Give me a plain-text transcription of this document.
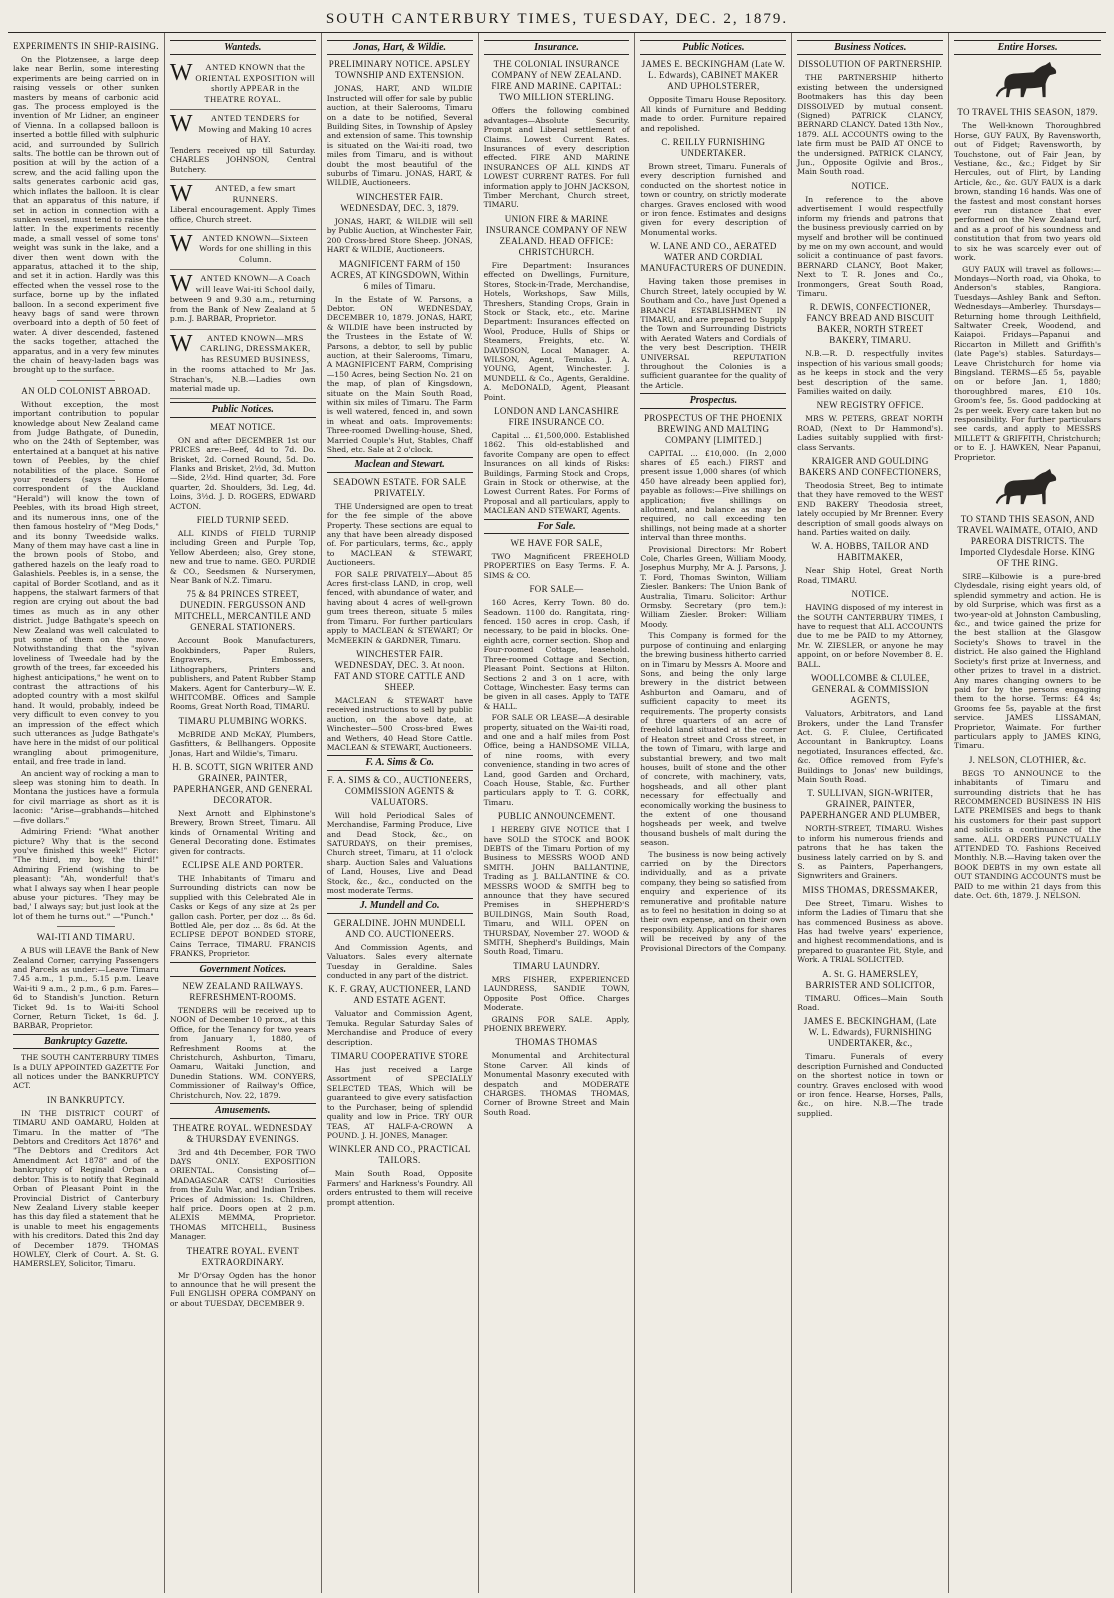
SOUTH CANTERBURY TIMES, TUESDAY, DEC. 2, 1879.
EXPERIMENTS IN SHIP-RAISING.
On the Plotzensee, a large deep lake near Berlin, some interesting experiments are being carried on in raising vessels or other sunken masters by means of carbonic acid gas. The process employed is the invention of Mr Lidner, an engineer of Vienna. In a collapsed balloon is inserted a bottle filled with sulphuric acid, and surrounded by Sullrich salts. The bottle can be thrown out of position at will by the action of a screw, and the acid falling upon the salts generates carbonic acid gas, which inflates the balloon. It is clear that an apparatus of this nature, if set in action in connection with a sunken vessel, must tend to raise the latter. In the experiments recently made, a small vessel of some tons' weight was sunk in the lake, and a diver then went down with the apparatus, attached it to the ship, and set it in action. Hardly was this effected when the vessel rose to the surface, borne up by the inflated balloon. In a second experiment five heavy bags of sand were thrown overboard into a depth of 50 feet of water. A diver descended, fastened the sacks together, attached the apparatus, and in a very few minutes the chain of heavy-laden bags was brought up to the surface.
AN OLD COLONIST ABROAD.
Without exception, the most important contribution to popular knowledge about New Zealand came from Judge Bathgate, of Dunedin, who on the 24th of September, was entertained at a banquet at his native town of Peebles, by the chief notabilities of the place. Some of your readers (says the Home correspondent of the Auckland "Herald") will know the town of Peebles, with its broad High street, and its numerous inns, one of the then famous hostelry of "Meg Dods," and its bonny Tweedside walks. Many of them may have cast a line in the brown pools of Stobo, and gathered hazels on the leafy road to Galashiels. Peebles is, in a sense, the capital of Border Scotland, and as it happens, the stalwart farmers of that region are crying out about the bad times as much as in any other district. Judge Bathgate's speech on New Zealand was well calculated to put some of them on the move. Notwithstanding that the "sylvan loveliness of Tweedale had by the growth of the trees, far exceeded his highest anticipations," he went on to contrast the attractions of his adopted country with a most skilful hand. It would, probably, indeed be very difficult to even convey to you an impression of the effect which such utterances as Judge Bathgate's have here in the midst of our political wrangling about primogeniture, entail, and free trade in land.
An ancient way of rocking a man to sleep was stoning him to death. In Montana the justices have a formula for civil marriage as short as it is laconic: "Arise—grabhands—hitched—five dollars."
Admiring Friend: "What another picture? Why that is the second you've finished this week!" Fictor: "The third, my boy, the third!" Admiring Friend (wishing to be pleasant): "Ah, wonderful! that's what I always say when I hear people abuse your pictures. 'They may be bad,' I always say; but just look at the lot of them he turns out." —"Punch."
WAI-ITI AND TIMARU.
A BUS will LEAVE the Bank of New Zealand Corner, carrying Passengers and Parcels as under:—Leave Timaru 7.45 a.m., 1 p.m., 5.15 p.m. Leave Wai-iti 9 a.m., 2 p.m., 6 p.m. Fares—6d to Standish's Junction. Return Ticket 9d. 1s to Wai-iti School Corner, Return Ticket, 1s 6d. J. BARBAR, Proprietor.
Bankruptcy Gazette.
THE SOUTH CANTERBURY TIMES Is a DULY APPOINTED GAZETTE For all notices under the BANKRUPTCY ACT.
IN BANKRUPTCY.
IN THE DISTRICT COURT of TIMARU AND OAMARU, Holden at Timaru. In the matter of "The Debtors and Creditors Act 1876" and "The Debtors and Creditors Act Amendment Act 1878" and of the bankruptcy of Reginald Orban a debtor. This is to notify that Reginald Orban of Pleasant Point in the Provincial District of Canterbury New Zealand Livery stable keeper has this day filed a statement that he is unable to meet his engagements with his creditors. Dated this 2nd day of December 1879. THOMAS HOWLEY, Clerk of Court. A. St. G. HAMERSLEY, Solicitor, Timaru.
Wanteds.
W ANTED KNOWN that the ORIENTAL EXPOSITION will shortly APPEAR in the THEATRE ROYAL.
W ANTED TENDERS for Mowing and Making 10 acres of HAY.
Tenders received up till Saturday. CHARLES JOHNSON, Central Butchery.
W	ANTED, a few smart RUNNERS.
Liberal encouragement. Apply Times office, Church street.
W ANTED KNOWN—Sixteen Words for one shilling in this Column.
WANTED KNOWN—A Coach will leave Wai-iti School daily,
between 9 and 9.30 a.m., returning from the Bank of New Zealand at 5 p.m. J. BARBAR, Proprietor.
W ANTED KNOWN—MRS CARLING, DRESSMAKER, has RESUMED BUSINESS,
in the rooms attached to Mr Jas. Strachan's, N.B.—Ladies own material made up.
Public Notices.
MEAT NOTICE.
ON and after DECEMBER 1st our PRICES are:—Beef, 4d to 7d. Do. Brisket, 2d. Corned Round, 5d. Do. Flanks and Brisket, 2½d, 3d. Mutton—Side, 2½d. Hind quarter, 3d. Fore quarter, 2d. Shoulders, 3d. Leg, 4d. Loins, 3½d. J. D. ROGERS, EDWARD ACTON.
FIELD TURNIP SEED.
ALL KINDS of FIELD TURNIP including Green and Purple Top, Yellow Aberdeen; also, Grey stone, new and true to name. GEO. PURDIE & CO., Seedsmen & Nurserymen, Near Bank of N.Z. Timaru.
75 & 84 PRINCES STREET, DUNEDIN. FERGUSSON AND MITCHELL, MERCANTILE AND GENERAL STATIONERS.
Account Book Manufacturers, Bookbinders, Paper Rulers, Engravers, Embossers, Lithographers, Printers and publishers, and Patent Rubber Stamp Makers. Agent for Canterbury—W. E. WHITCOMBE. Offices and Sample Rooms, Great North Road, TIMARU.
TIMARU PLUMBING WORKS.
McBRIDE AND McKAY, Plumbers, Gasfitters, & Bellhangers. Opposite Jonas, Hart and Wildie's, Timaru.
H. B. SCOTT, SIGN WRITER AND GRAINER, PAINTER, PAPERHANGER, AND GENERAL DECORATOR.
Next Arnott and Elphinstone's Brewery, Brown Street, Timaru. All kinds of Ornamental Writing and General Decorating done. Estimates given for contracts.
ECLIPSE ALE AND PORTER.
THE Inhabitants of Timaru and Surrounding districts can now be supplied with this Celebrated Ale in Casks or Kegs of any size at 2s per gallon cash. Porter, per doz ... 8s 6d. Bottled Ale, per doz ... 8s 6d. At the ECLIPSE DEPOT BONDED STORE, Cains Terrace, TIMARU. FRANCIS FRANKS, Proprietor.
Government Notices.
NEW ZEALAND RAILWAYS. REFRESHMENT-ROOMS.
TENDERS will be received up to NOON of December 10 prox., at this Office, for the Tenancy for two years from January 1, 1880, of Refreshment Rooms at the Christchurch, Ashburton, Timaru, Oamaru, Waitaki Junction, and Dunedin Stations. WM. CONYERS, Commissioner of Railway's Office, Christchurch, Nov. 22, 1879.
Amusements.
THEATRE ROYAL. WEDNESDAY & THURSDAY EVENINGS.
3rd and 4th December, FOR TWO DAYS ONLY. EXPOSITION ORIENTAL. Consisting of—MADAGASCAR CATS! Curiosities from the Zulu War, and Indian Tribes. Prices of Admission: 1s. Children, half price. Doors open at 2 p.m. ALEXIS MEMMA, Proprietor. THOMAS MITCHELL, Business Manager.
THEATRE ROYAL. EVENT EXTRAORDINARY.
Mr D'Orsay Ogden has the honor to announce that he will present the Full ENGLISH OPERA COMPANY on or about TUESDAY, DECEMBER 9.
Jonas, Hart, & Wildie.
PRELIMINARY NOTICE. APSLEY TOWNSHIP AND EXTENSION.
JONAS, HART, AND WILDIE Instructed will offer for sale by public auction, at their Salerooms, Timaru on a date to be notified, Several Building Sites, in Township of Apsley and extension of same. This township is situated on the Wai-iti road, two miles from Timaru, and is without doubt the most beautiful of the suburbs of Timaru. JONAS, HART, & WILDIE, Auctioneers.
WINCHESTER FAIR. WEDNESDAY, DEC. 3, 1879.
JONAS, HART, & WILDIE will sell by Public Auction, at Winchester Fair, 200 Cross-bred Store Sheep. JONAS, HART & WILDIE, Auctioneers.
MAGNIFICENT FARM of 150 ACRES, AT KINGSDOWN, Within 6 miles of Timaru.
In the Estate of W. Parsons, a Debtor. ON WEDNESDAY, DECEMBER 10, 1879. JONAS, HART, & WILDIE have been instructed by the Trustees in the Estate of W. Parsons, a debtor, to sell by public auction, at their Salerooms, Timaru, A MAGNIFICENT FARM, Comprising—150 Acres, being Section No. 21 on the map, of plan of Kingsdown, situate on the Main South Road, within six miles of Timaru. The Farm is well watered, fenced in, and sown in wheat and oats. Improvements: Three-roomed Dwelling-house, Shed, Married Couple's Hut, Stables, Chaff Shed, etc. Sale at 2 o'clock.
Maclean and Stewart.
SEADOWN ESTATE. FOR SALE PRIVATELY.
THE Undersigned are open to treat for the fee simple of the above Property. These sections are equal to any that have been already disposed of. For particulars, terms, &c., apply to MACLEAN & STEWART, Auctioneers.
FOR SALE PRIVATELY—About 85 Acres first-class LAND, in crop, well fenced, with abundance of water, and having about 4 acres of well-grown gum trees thereon, situate 5 miles from Timaru. For further particulars apply to MACLEAN & STEWART; Or McMEEKIN & GARDNER, Timaru.
WINCHESTER FAIR. WEDNESDAY, DEC. 3. At noon. FAT AND STORE CATTLE AND SHEEP.
MACLEAN & STEWART have received instructions to sell by public auction, on the above date, at Winchester—500 Cross-bred Ewes and Wethers, 40 Head Store Cattle. MACLEAN & STEWART, Auctioneers.
F. A. Sims & Co.
F. A. SIMS & CO., AUCTIONEERS, COMMISSION AGENTS & VALUATORS.
Will hold Periodical Sales of Merchandise, Farming Produce, Live and Dead Stock, &c., on SATURDAYS, on their premises, Church street, Timaru, at 11 o'clock sharp. Auction Sales and Valuations of Land, Houses, Live and Dead Stock, &c., &c., conducted on the most moderate Terms.
J. Mundell and Co.
GERALDINE. JOHN MUNDELL AND CO. AUCTIONEERS.
And Commission Agents, and Valuators. Sales every alternate Tuesday in Geraldine. Sales conducted in any part of the district.
K. F. GRAY, AUCTIONEER, LAND AND ESTATE AGENT.
Valuator and Commission Agent, Temuka. Regular Saturday Sales of Merchandise and Produce of every description.
TIMARU COOPERATIVE STORE
Has just received a Large Assortment of SPECIALLY SELECTED TEAS, Which will be guaranteed to give every satisfaction to the Purchaser, being of splendid quality and low in Price. TRY OUR TEAS, AT HALF-A-CROWN A POUND. J. H. JONES, Manager.
WINKLER AND CO., PRACTICAL TAILORS.
Main South Road, Opposite Farmers' and Harkness's Foundry. All orders entrusted to them will receive prompt attention.
Insurance.
THE COLONIAL INSURANCE COMPANY of NEW ZEALAND. FIRE AND MARINE. CAPITAL: TWO MILLION STERLING.
Offers the following combined advantages—Absolute Security. Prompt and Liberal settlement of Claims. Lowest Current Rates. Insurances of every description effected. FIRE AND MARINE INSURANCES OF ALL KINDS AT LOWEST CURRENT RATES. For full information apply to JOHN JACKSON, Timber Merchant, Church street, TIMARU.
UNION FIRE & MARINE INSURANCE COMPANY OF NEW ZEALAND. HEAD OFFICE: CHRISTCHURCH.
Fire Department: Insurances effected on Dwellings, Furniture, Stores, Stock-in-Trade, Merchandise, Hotels, Workshops, Saw Mills, Threshers, Standing Crops, Grain in Stock or Stack, etc., etc. Marine Department: Insurances effected on Wool, Produce, Hulls of Ships or Steamers, Freights, etc. W. DAVIDSON, Local Manager. A. WILSON, Agent, Temuka. J. A. YOUNG, Agent, Winchester. J. MUNDELL & Co., Agents, Geraldine. A. McDONALD, Agent, Pleasant Point.
LONDON AND LANCASHIRE FIRE INSURANCE CO.
Capital ... £1,500,000. Established 1862. This old-established and favorite Company are open to effect Insurances on all kinds of Risks: Buildings, Farming Stock and Crops, Grain in Stock or otherwise, at the Lowest Current Rates. For Forms of Proposal and all particulars, apply to MACLEAN AND STEWART, Agents.
For Sale.
WE HAVE FOR SALE,
TWO Magnificent FREEHOLD PROPERTIES on Easy Terms. F. A. SIMS & CO.
FOR SALE—
160 Acres, Kerry Town. 80 do. Seadown. 1100 do. Rangitata, ring-fenced. 150 acres in crop. Cash, if necessary, to be paid in blocks. One-eighth acre, corner section. Shop and Four-roomed Cottage, leasehold. Three-roomed Cottage and Section, Pleasant Point. Sections at Hilton. Sections 2 and 3 on 1 acre, with Cottage, Winchester. Easy terms can be given in all cases. Apply to TATE & HALL.
FOR SALE OR LEASE—A desirable property, situated on the Wai-iti road, and one and a half miles from Post Office, being a HANDSOME VILLA, of nine rooms, with every convenience, standing in two acres of Land, good Garden and Orchard, Coach House, Stable, &c. Further particulars apply to T. G. CORK, Timaru.
PUBLIC ANNOUNCEMENT.
I HEREBY GIVE NOTICE that I have SOLD the STOCK and BOOK DEBTS of the Timaru Portion of my Business to MESSRS WOOD AND SMITH. JOHN BALLANTINE, Trading as J. BALLANTINE & CO. MESSRS WOOD & SMITH beg to announce that they have secured Premises in SHEPHERD'S BUILDINGS, Main South Road, Timaru, and WILL OPEN on THURSDAY, November 27. WOOD & SMITH, Shepherd's Buildings, Main South Road, Timaru.
TIMARU LAUNDRY.
MRS FISHER, EXPERIENCED LAUNDRESS, SANDIE TOWN, Opposite Post Office. Charges Moderate.
GRAINS FOR SALE. Apply, PHOENIX BREWERY.
THOMAS THOMAS
Monumental and Architectural Stone Carver. All kinds of Monumental Masonry executed with despatch and MODERATE CHARGES. THOMAS THOMAS, Corner of Browne Street and Main South Road.
Public Notices.
JAMES E. BECKINGHAM (Late W. L. Edwards), CABINET MAKER AND UPHOLSTERER,
Opposite Timaru House Repository. All kinds of Furniture and Bedding made to order. Furniture repaired and repolished.
C. REILLY FURNISHING UNDERTAKER.
Brown street, Timaru. Funerals of every description furnished and conducted on the shortest notice in town or country, on strictly moderate charges. Graves enclosed with wood or iron fence. Estimates and designs given for every description of Monumental works.
W. LANE AND CO., AERATED WATER AND CORDIAL MANUFACTURERS OF DUNEDIN.
Having taken those premises in Church Street, lately occupied by W. Southam and Co., have Just Opened a BRANCH ESTABLISHMENT IN TIMARU, and are prepared to Supply the Town and Surrounding Districts with Aerated Waters and Cordials of the very best Description. THEIR UNIVERSAL REPUTATION throughout the Colonies is a sufficient guarantee for the quality of the Article.
Prospectus.
PROSPECTUS OF THE PHOENIX BREWING AND MALTING COMPANY [LIMITED.]
CAPITAL ... £10,000. (In 2,000 shares of £5 each.) FIRST and present issue 1,000 shares (of which 450 have already been applied for), payable as follows:—Five shillings on application; five shillings on allotment, and balance as may be required, no call exceeding ten shillings, not being made at a shorter interval than three months.
Provisional Directors: Mr Robert Cole, Charles Green, William Moody, Josephus Murphy, Mr A. J. Parsons, J. T. Ford, Thomas Swinton, William Ziesler. Bankers: The Union Bank of Australia, Timaru. Solicitor: Arthur Ormsby. Secretary (pro tem.): William Ziesler. Broker: William Moody.
This Company is formed for the purpose of continuing and enlarging the brewing business hitherto carried on in Timaru by Messrs A. Moore and Sons, and being the only large brewery in the district between Ashburton and Oamaru, and of sufficient capacity to meet its requirements. The property consists of three quarters of an acre of freehold land situated at the corner of Heaton street and Cross street, in the town of Timaru, with large and substantial brewery, and two malt houses, built of stone and the other of concrete, with machinery, vats, hogsheads, and all other plant necessary for effectually and economically working the business to the extent of one thousand hogsheads per week, and twelve thousand bushels of malt during the season.
The business is now being actively carried on by the Directors individually, and as a private company, they being so satisfied from enquiry and experience of its remunerative and profitable nature as to feel no hesitation in doing so at their own expense, and on their own responsibility. Applications for shares will be received by any of the Provisional Directors of the Company.
Business Notices.
DISSOLUTION OF PARTNERSHIP.
THE PARTNERSHIP hitherto existing between the undersigned Bootmakers has this day been DISSOLVED by mutual consent. (Signed) PATRICK CLANCY, BERNARD CLANCY. Dated 13th Nov., 1879. ALL ACCOUNTS owing to the late firm must be PAID AT ONCE to the undersigned. PATRICK CLANCY, Jun., Opposite Ogilvie and Bros., Main South road.
NOTICE.
In reference to the above advertisement I would respectfully inform my friends and patrons that the business previously carried on by myself and brother will be continued by me on my own account, and would solicit a continuance of past favors. BERNARD CLANCY, Boot Maker, Next to T. R. Jones and Co., Ironmongers, Great South Road, Timaru.
R. DEWIS, CONFECTIONER, FANCY BREAD AND BISCUIT BAKER, NORTH STREET BAKERY, TIMARU.
N.B.—R. D. respectfully invites inspection of his various small goods; as he keeps in stock and the very best description of the same. Families waited on daily.
NEW REGISTRY OFFICE.
MRS W. PETERS, GREAT NORTH ROAD, (Next to Dr Hammond's). Ladies suitably supplied with first-class Servants.
KRAIGER AND GOULDING BAKERS AND CONFECTIONERS,
Theodosia Street, Beg to intimate that they have removed to the WEST END BAKERY Theodosia street, lately occupied by Mr Brenner. Every description of small goods always on hand. Parties waited on daily.
W. A. HOBBS, TAILOR AND HABITMAKER,
Near Ship Hotel, Great North Road, TIMARU.
NOTICE.
HAVING disposed of my interest in the SOUTH CANTERBURY TIMES, I have to request that ALL ACCOUNTS due to me be PAID to my Attorney, Mr. W. ZIESLER, or anyone he may appoint, on or before November 8. E. BALL.
WOOLLCOMBE & CLULEE, GENERAL & COMMISSION AGENTS,
Valuators, Arbitrators, and Land Brokers, under the Land Transfer Act. G. F. Clulee, Certificated Accountant in Bankruptcy. Loans negotiated, Insurances effected, &c. &c. Office removed from Fyfe's Buildings to Jonas' new buildings, Main South Road.
T. SULLIVAN, SIGN-WRITER, GRAINER, PAINTER, PAPERHANGER AND PLUMBER,
NORTH-STREET, TIMARU. Wishes to inform his numerous friends and patrons that he has taken the business lately carried on by S. and S. as Painters, Paperhangers, Signwriters and Grainers.
MISS THOMAS, DRESSMAKER,
Dee Street, Timaru. Wishes to inform the Ladies of Timaru that she has commenced Business as above. Has had twelve years' experience, and highest recommendations, and is prepared to guarantee Fit, Style, and Work. A TRIAL SOLICITED.
A. St. G. HAMERSLEY, BARRISTER AND SOLICITOR,
TIMARU. Offices—Main South Road.
JAMES E. BECKINGHAM, (Late W. L. Edwards), FURNISHING UNDERTAKER, &c.,
Timaru. Funerals of every description Furnished and Conducted on the shortest notice in town or country. Graves enclosed with wood or iron fence. Hearse, Horses, Palls, &c., on hire. N.B.—The trade supplied.
Entire Horses.
TO TRAVEL THIS SEASON, 1879.
The Well-known Thoroughbred Horse, GUY FAUX, By Ravensworth, out of Fidget; Ravensworth, by Touchstone, out of Fair Jean, by Vestiane, &c., &c.; Fidget by Sir Hercules, out of Flirt, by Landing Article, &c., &c. GUY FAUX is a dark brown, standing 16 hands. Was one of the fastest and most constant horses ever run distance that ever performed on the New Zealand turf, and as a proof of his soundness and constitution that from two years old to six he was scarcely ever out of work.
GUY FAUX will travel as follows:—Mondays—North road, via Ohoka, to Anderson's stables, Rangiora. Tuesdays—Ashley Bank and Sefton. Wednesdays—Amberley. Thursdays—Returning home through Leithfield, Saltwater Creek, Woodend, and Kaiapoi. Fridays—Papanui and Riccarton in Millett and Griffith's (late Page's) stables. Saturdays—Leave Christchurch for home via Bingsland. TERMS—£5 5s, payable on or before Jan. 1, 1880; thoroughbred mares, £10 10s. Groom's fee, 5s. Good paddocking at 2s per week. Every care taken but no responsibility. For further particulars see cards, and apply to MESSRS MILLETT & GRIFFITH, Christchurch; or to E. J. HAWKEN, Near Papanui, Proprietor.
TO STAND THIS SEASON, AND TRAVEL WAIMATE, OTAIO, AND PAREORA DISTRICTS. The Imported Clydesdale Horse. KING OF THE RING.
SIRE—Kilbowie is a pure-bred Clydesdale, rising eight years old, of splendid symmetry and action. He is by old Surprise, which was first as a two-year-old at Johnston Cambusling, &c., and twice gained the prize for the best stallion at the Glasgow Society's Shows to travel in the district. He also gained the Highland Society's first prize at Inverness, and other prizes to travel in a district. Any mares changing owners to be paid for by the persons engaging them to the horse. Terms: £4 4s; Grooms fee 5s, payable at the first service. JAMES LISSAMAN, Proprietor, Waimate. For further particulars apply to JAMES KING, Timaru.
J. NELSON, CLOTHIER, &c.
BEGS TO ANNOUNCE to the inhabitants of Timaru and surrounding districts that he has RECOMMENCED BUSINESS IN HIS LATE PREMISES and begs to thank his customers for their past support and solicits a continuance of the same. ALL ORDERS PUNCTUALLY ATTENDED TO. Fashions Received Monthly. N.B.—Having taken over the BOOK DEBTS in my own estate all OUT STANDING ACCOUNTS must be PAID to me within 21 days from this date. Oct. 6th, 1879. J. NELSON.
